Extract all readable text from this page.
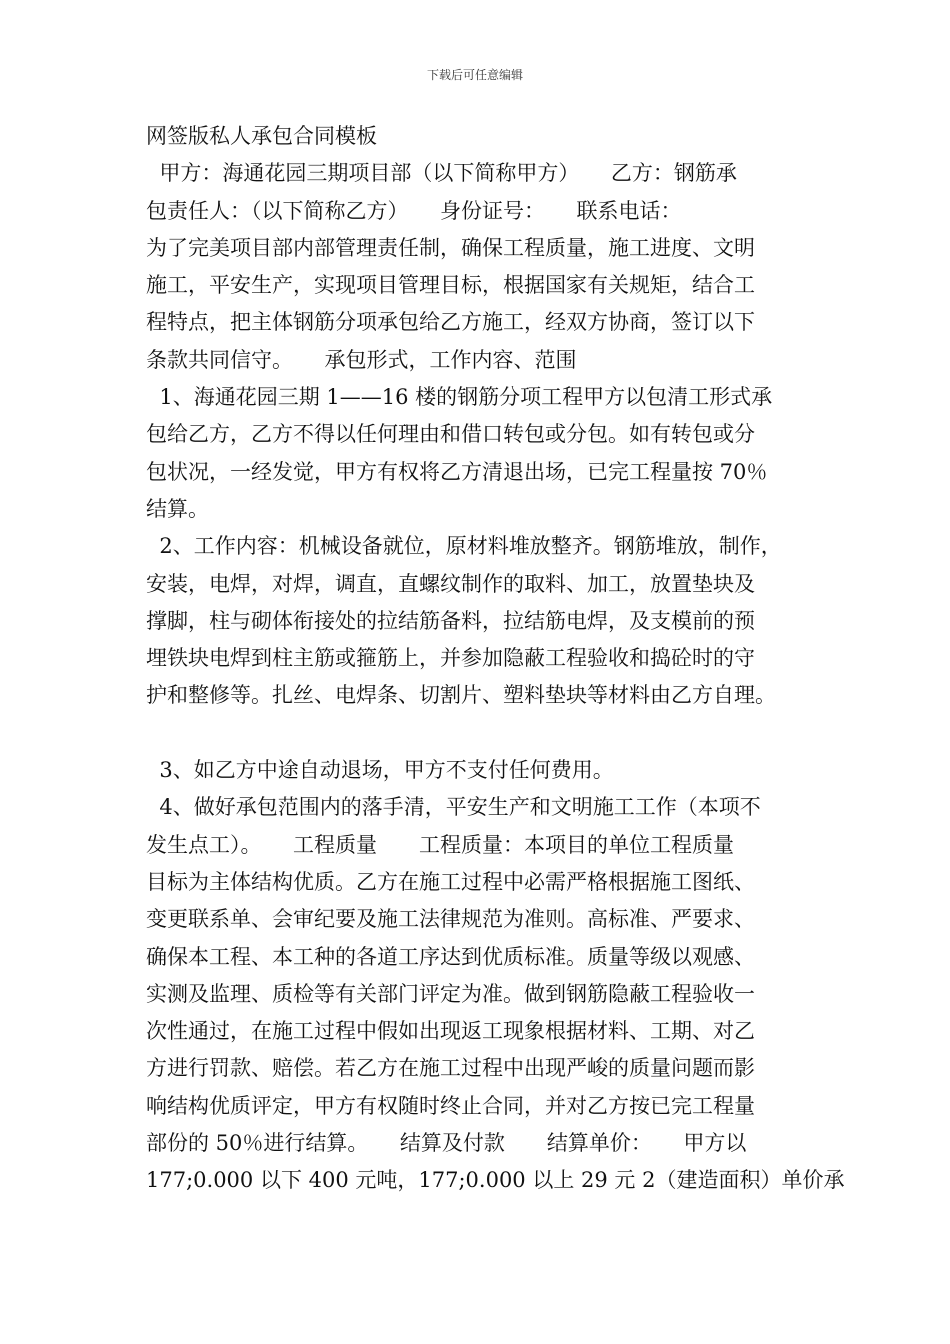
下载后可任意编辑
网签版私人承包合同模板
甲方：海通花园三期项目部（以下简称甲方）　　乙方：钢筋承
包责任人：（以下简称乙方）　　身份证号：　　联系电话：
为了完美项目部内部管理责任制，确保工程质量，施工进度、文明
施工，平安生产，实现项目管理目标，根据国家有关规矩，结合工
程特点，把主体钢筋分项承包给乙方施工，经双方协商，签订以下
条款共同信守。　　承包形式，工作内容、范围
1、海通花园三期 1——16 楼的钢筋分项工程甲方以包清工形式承
包给乙方，乙方不得以任何理由和借口转包或分包。如有转包或分
包状况，一经发觉，甲方有权将乙方清退出场，已完工程量按 70％
结算。
2、工作内容：机械设备就位，原材料堆放整齐。钢筋堆放，制作，
安装，电焊，对焊，调直，直螺纹制作的取料、加工，放置垫块及
撑脚，柱与砌体衔接处的拉结筋备料，拉结筋电焊，及支模前的预
埋铁块电焊到柱主筋或箍筋上，并参加隐蔽工程验收和捣砼时的守
护和整修等。扎丝、电焊条、切割片、塑料垫块等材料由乙方自理。
3、如乙方中途自动退场，甲方不支付任何费用。
4、做好承包范围内的落手清，平安生产和文明施工工作（本项不
发生点工）。　　工程质量　　工程质量：本项目的单位工程质量
目标为主体结构优质。乙方在施工过程中必需严格根据施工图纸、
变更联系单、会审纪要及施工法律规范为准则。高标准、严要求、
确保本工程、本工种的各道工序达到优质标准。质量等级以观感、
实测及监理、质检等有关部门评定为准。做到钢筋隐蔽工程验收一
次性通过，在施工过程中假如出现返工现象根据材料、工期、对乙
方进行罚款、赔偿。若乙方在施工过程中出现严峻的质量问题而影
响结构优质评定，甲方有权随时终止合同，并对乙方按已完工程量
部份的 50％进行结算。　　结算及付款　　结算单价：　　甲方以
177;0.000 以下 400 元吨，177;0.000 以上 29 元 2（建造面积）单价承
